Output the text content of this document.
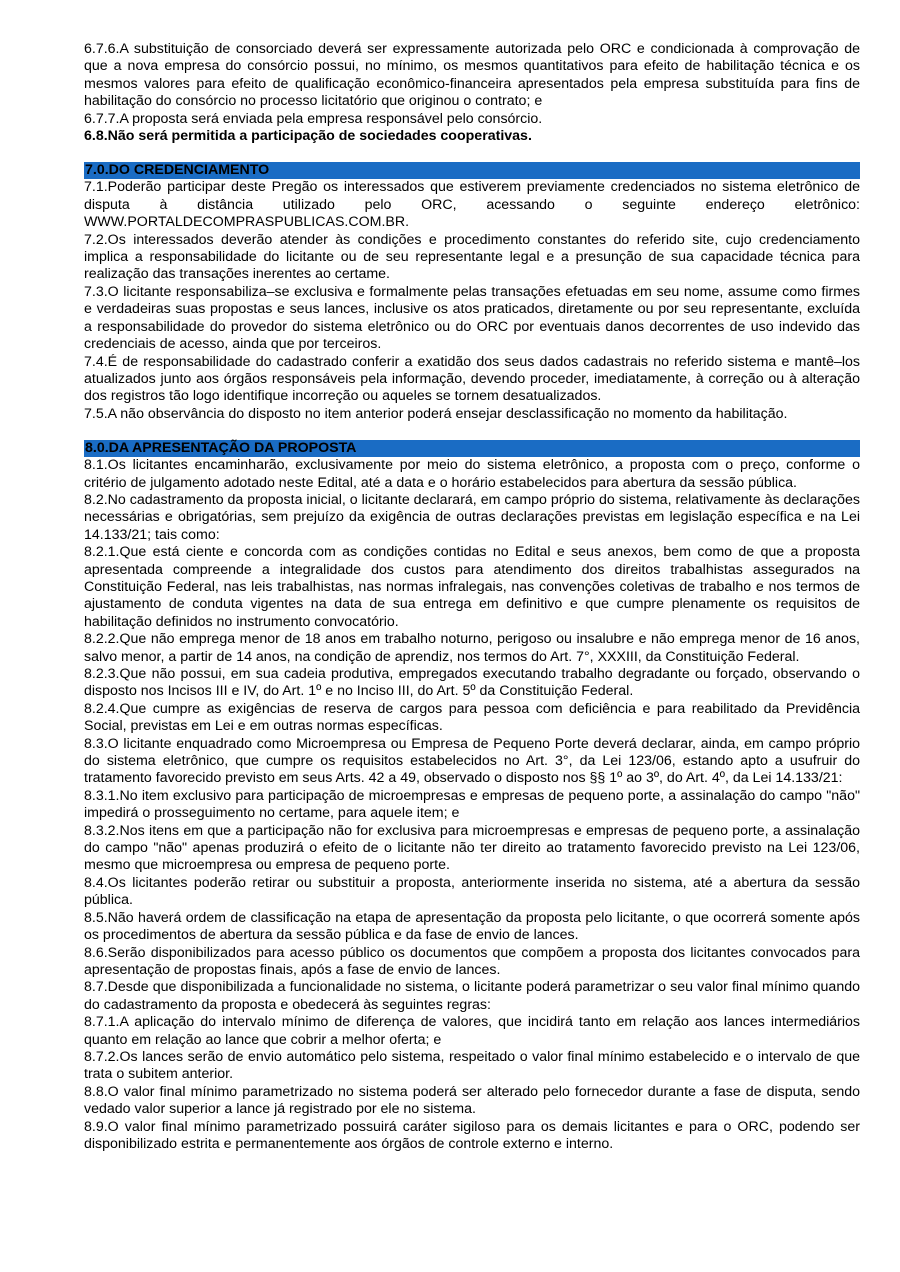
6.7.6.A substituição de consorciado deverá ser expressamente autorizada pelo ORC e condicionada à comprovação de que a nova empresa do consórcio possui, no mínimo, os mesmos quantitativos para efeito de habilitação técnica e os mesmos valores para efeito de qualificação econômico-financeira apresentados pela empresa substituída para fins de habilitação do consórcio no processo licitatório que originou o contrato; e

6.7.7.A proposta será enviada pela empresa responsável pelo consórcio.

6.8.Não será permitida a participação de sociedades cooperativas.

7.0.DO CREDENCIAMENTO

7.1.Poderão participar deste Pregão os interessados que estiverem previamente credenciados no sistema eletrônico de disputa à distância utilizado pelo ORC, acessando o seguinte endereço eletrônico: WWW.PORTALDECOMPRASPUBLICAS.COM.BR.

7.2.Os interessados deverão atender às condições e procedimento constantes do referido site, cujo credenciamento implica a responsabilidade do licitante ou de seu representante legal e a presunção de sua capacidade técnica para realização das transações inerentes ao certame.

7.3.O licitante responsabiliza–se exclusiva e formalmente pelas transações efetuadas em seu nome, assume como firmes e verdadeiras suas propostas e seus lances, inclusive os atos praticados, diretamente ou por seu representante, excluída a responsabilidade do provedor do sistema eletrônico ou do ORC por eventuais danos decorrentes de uso indevido das credenciais de acesso, ainda que por terceiros.

7.4.É de responsabilidade do cadastrado conferir a exatidão dos seus dados cadastrais no referido sistema e mantê–los atualizados junto aos órgãos responsáveis pela informação, devendo proceder, imediatamente, à correção ou à alteração dos registros tão logo identifique incorreção ou aqueles se tornem desatualizados.

7.5.A não observância do disposto no item anterior poderá ensejar desclassificação no momento da habilitação.

8.0.DA APRESENTAÇÃO DA PROPOSTA

8.1.Os licitantes encaminharão, exclusivamente por meio do sistema eletrônico, a proposta com o preço, conforme o critério de julgamento adotado neste Edital, até a data e o horário estabelecidos para abertura da sessão pública.

8.2.No cadastramento da proposta inicial, o licitante declarará, em campo próprio do sistema, relativamente às declarações necessárias e obrigatórias, sem prejuízo da exigência de outras declarações previstas em legislação específica e na Lei 14.133/21; tais como:

8.2.1.Que está ciente e concorda com as condições contidas no Edital e seus anexos, bem como de que a proposta apresentada compreende a integralidade dos custos para atendimento dos direitos trabalhistas assegurados na Constituição Federal, nas leis trabalhistas, nas normas infralegais, nas convenções coletivas de trabalho e nos termos de ajustamento de conduta vigentes na data de sua entrega em definitivo e que cumpre plenamente os requisitos de habilitação definidos no instrumento convocatório.

8.2.2.Que não emprega menor de 18 anos em trabalho noturno, perigoso ou insalubre e não emprega menor de 16 anos, salvo menor, a partir de 14 anos, na condição de aprendiz, nos termos do Art. 7°, XXXIII, da Constituição Federal.

8.2.3.Que não possui, em sua cadeia produtiva, empregados executando trabalho degradante ou forçado, observando o disposto nos Incisos III e IV, do Art. 1º e no Inciso III, do Art. 5º da Constituição Federal.

8.2.4.Que cumpre as exigências de reserva de cargos para pessoa com deficiência e para reabilitado da Previdência Social, previstas em Lei e em outras normas específicas.

8.3.O licitante enquadrado como Microempresa ou Empresa de Pequeno Porte deverá declarar, ainda, em campo próprio do sistema eletrônico, que cumpre os requisitos estabelecidos no Art. 3°, da Lei 123/06, estando apto a usufruir do tratamento favorecido previsto em seus Arts. 42 a 49, observado o disposto nos §§ 1º ao 3º, do Art. 4º, da Lei 14.133/21:

8.3.1.No item exclusivo para participação de microempresas e empresas de pequeno porte, a assinalação do campo "não" impedirá o prosseguimento no certame, para aquele item; e

8.3.2.Nos itens em que a participação não for exclusiva para microempresas e empresas de pequeno porte, a assinalação do campo "não" apenas produzirá o efeito de o licitante não ter direito ao tratamento favorecido previsto na Lei 123/06, mesmo que microempresa ou empresa de pequeno porte.

8.4.Os licitantes poderão retirar ou substituir a proposta, anteriormente inserida no sistema, até a abertura da sessão pública.

8.5.Não haverá ordem de classificação na etapa de apresentação da proposta pelo licitante, o que ocorrerá somente após os procedimentos de abertura da sessão pública e da fase de envio de lances.

8.6.Serão disponibilizados para acesso público os documentos que compõem a proposta dos licitantes convocados para apresentação de propostas finais, após a fase de envio de lances.

8.7.Desde que disponibilizada a funcionalidade no sistema, o licitante poderá parametrizar o seu valor final mínimo quando do cadastramento da proposta e obedecerá às seguintes regras:

8.7.1.A aplicação do intervalo mínimo de diferença de valores, que incidirá tanto em relação aos lances intermediários quanto em relação ao lance que cobrir a melhor oferta; e

8.7.2.Os lances serão de envio automático pelo sistema, respeitado o valor final mínimo estabelecido e o intervalo de que trata o subitem anterior.

8.8.O valor final mínimo parametrizado no sistema poderá ser alterado pelo fornecedor durante a fase de disputa, sendo vedado valor superior a lance já registrado por ele no sistema.

8.9.O valor final mínimo parametrizado possuirá caráter sigiloso para os demais licitantes e para o ORC, podendo ser disponibilizado estrita e permanentemente aos órgãos de controle externo e interno.
